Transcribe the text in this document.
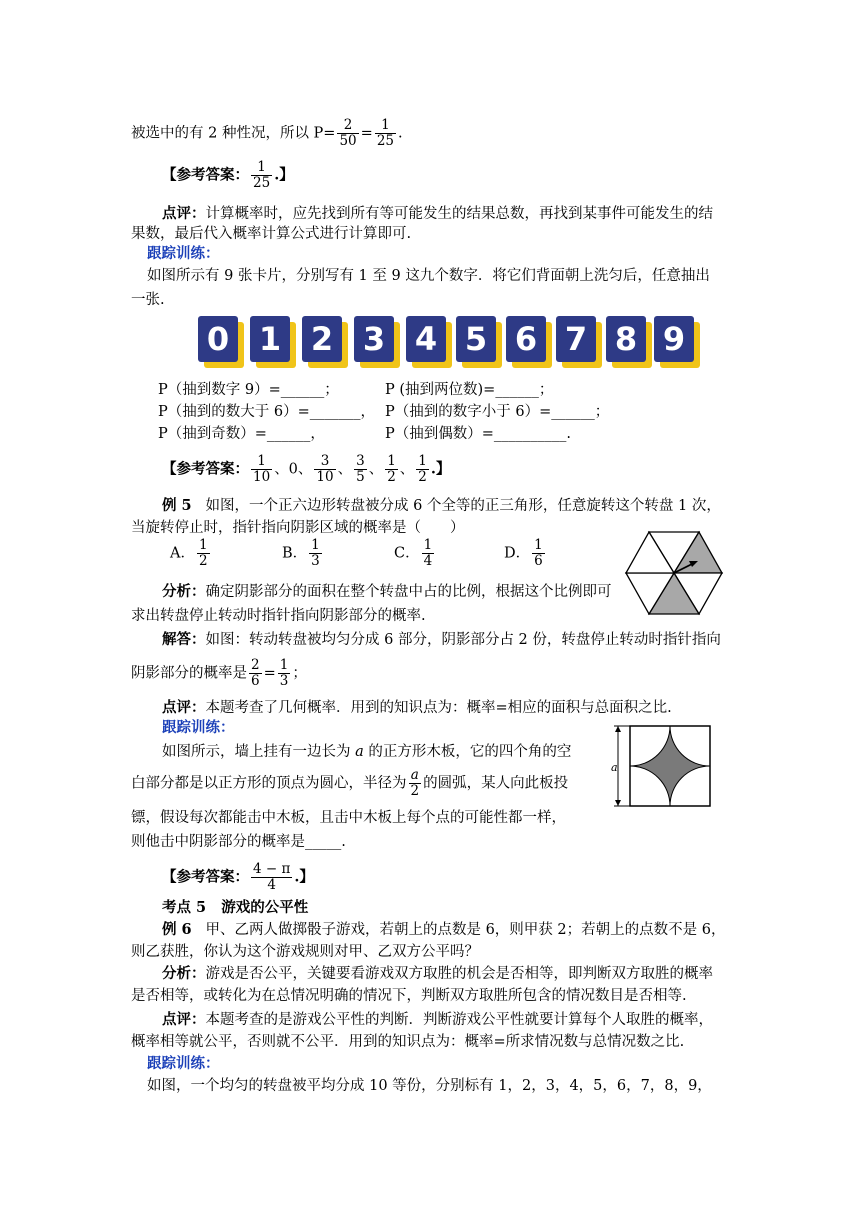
被选中的有 2 种性况，所以 $P= \frac{2}{50} = \frac{1}{25}$ .
【参考答案： $\frac{1}{25}$ .】
点评：计算概率时，应先找到所有等可能发生的结果总数，再找到某事件可能发生的结
果数，最后代入概率计算公式进行计算即可.
跟踪训练：
如图所示有 9 张卡片，分别写有 1 至 9 这九个数字．将它们背面朝上洗匀后，任意抽出
一张.
0 1 2 3 4 5 6 7 8 9
P（抽到数字 9）=______；	P (抽到两位数)=______；
P（抽到的数大于 6）=_______， P（抽到的数字小于 6）=______；
P（抽到奇数）=______，	P（抽到偶数）=__________.
【参考答案： $\frac{1}{10}$ 、0、 $\frac{3}{10}$ 、 $\frac{3}{5}$ 、 $\frac{1}{2}$ 、 $\frac{1}{2}$ .】
例 5 如图，一个正六边形转盘被分成 6 个全等的正三角形，任意旋转这个转盘 1 次，
当旋转停止时，指针指向阴影区域的概率是（　　）
A． $\frac{1}{2}$	B． $\frac{1}{3}$	C． $\frac{1}{4}$	D． $\frac{1}{6}$
分析：确定阴影部分的面积在整个转盘中占的比例，根据这个比例即可
求出转盘停止转动时指针指向阴影部分的概率.
解答：如图：转动转盘被均匀分成 6 部分，阴影部分占 2 份，转盘停止转动时指针指向
阴影部分的概率是 $\frac{2}{6} = \frac{1}{3}$ ；
点评：本题考查了几何概率．用到的知识点为：概率=相应的面积与总面积之比.
跟踪训练：
如图所示，墙上挂有一边长为 a 的正方形木板，它的四个角的空
白部分都是以正方形的顶点为圆心，半径为 $\frac{a}{2}$ 的圆弧，某人向此板投
镖，假设每次都能击中木板，且击中木板上每个点的可能性都一样，
则他击中阴影部分的概率是_____.
a
【参考答案： $\frac{4 - \pi}{4}$ .】
考点 5 游戏的公平性
例 6 甲、乙两人做掷骰子游戏，若朝上的点数是 6，则甲获 2；若朝上的点数不是 6，
则乙获胜，你认为这个游戏规则对甲、乙双方公平吗？
分析：游戏是否公平，关键要看游戏双方取胜的机会是否相等，即判断双方取胜的概率
是否相等，或转化为在总情况明确的情况下，判断双方取胜所包含的情况数目是否相等.
点评：本题考查的是游戏公平性的判断．判断游戏公平性就要计算每个人取胜的概率，
概率相等就公平，否则就不公平．用到的知识点为：概率=所求情况数与总情况数之比.
跟踪训练：
如图，一个均匀的转盘被平均分成 10 等份，分别标有 1，2，3，4，5，6，7，8，9，
